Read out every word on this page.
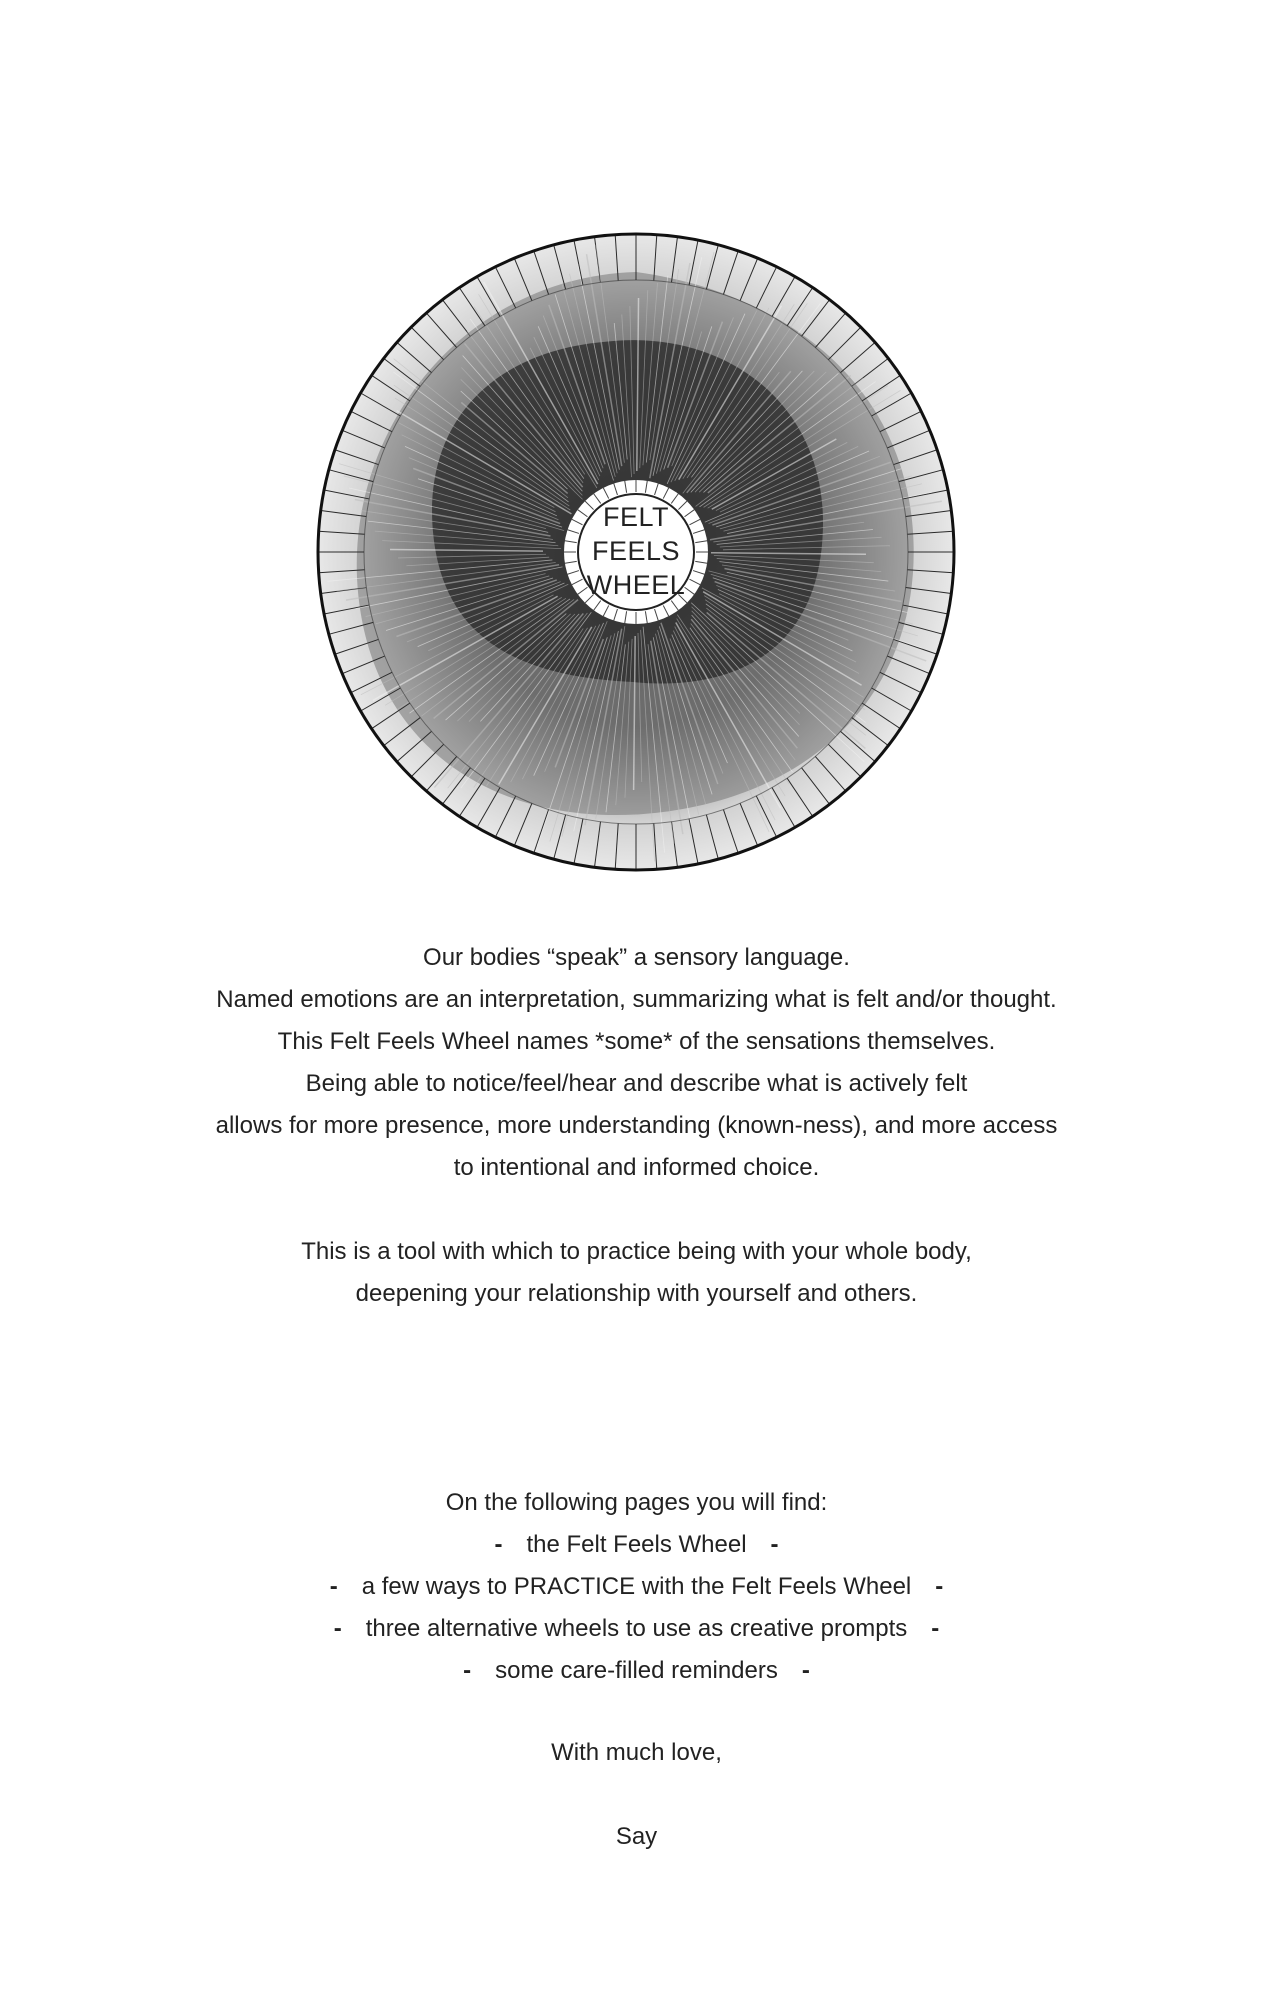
FELT
FEELS
WHEEL

Our bodies “speak” a sensory language.

Named emotions are an interpretation, summarizing what is felt and/or thought.

This Felt Feels Wheel names *some* of the sensations themselves.

Being able to notice/feel/hear and describe what is actively felt

allows for more presence, more understanding (known-ness), and more access

to intentional and informed choice.

This is a tool with which to practice being with your whole body,

deepening your relationship with yourself and others.

On the following pages you will find:

- the Felt Feels Wheel -

- a few ways to PRACTICE with the Felt Feels Wheel -

- three alternative wheels to use as creative prompts -

- some care-filled reminders -

With much love,
Say
